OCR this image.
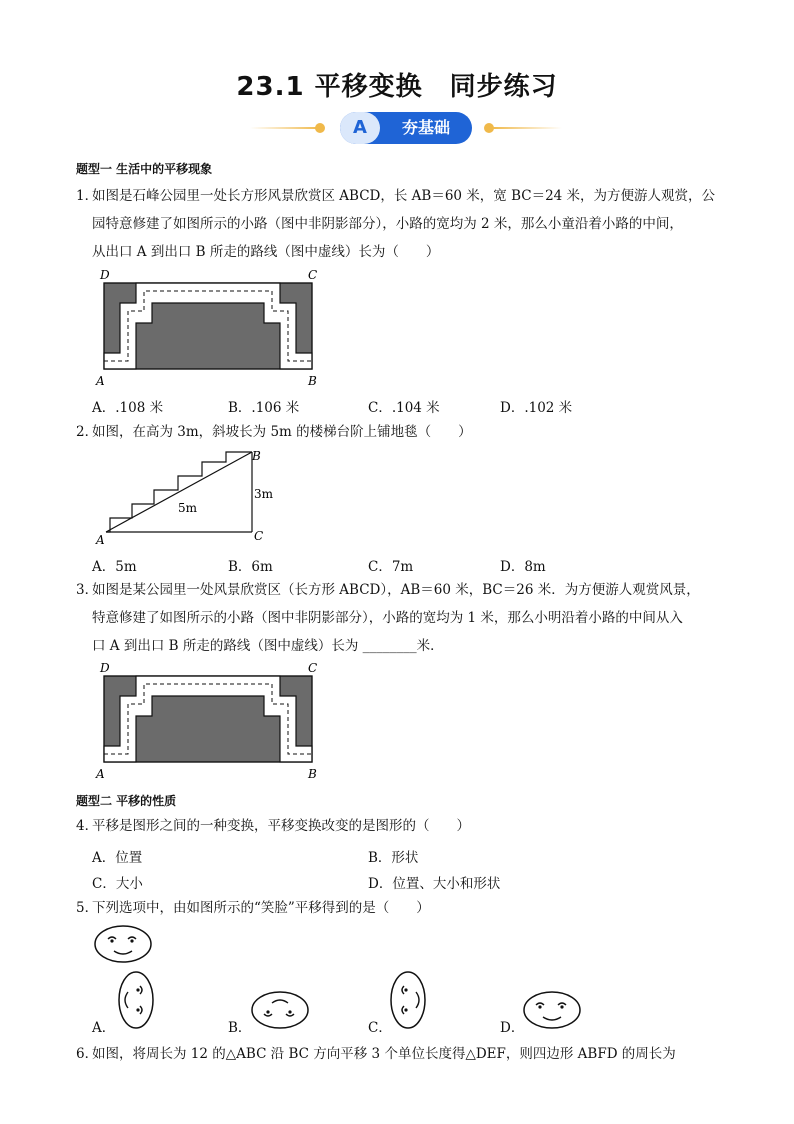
23.1 平移变换　同步练习
A	夯基础
题型一 生活中的平移现象
1．
如图是石峰公园里一处长方形风景欣赏区 ABCD，长 AB＝60 米，宽 BC＝24 米，为方便游人观赏，公
园特意修建了如图所示的小路（图中非阴影部分），小路的宽均为 2 米，那么小童沿着小路的中间，
从出口 A 到出口 B 所走的路线（图中虚线）长为（　　）
D	C
A	B
A．.108 米	B．.106 米	C．.104 米	D．.102 米
2．
如图，在高为 3m，斜坡长为 5m 的楼梯台阶上铺地毯（　　）
A
B
C
3m
5m
A．5m	B．6m	C．7m	D．8m
3．
如图是某公园里一处风景欣赏区（长方形 ABCD），AB＝60 米，BC＝26 米．为方便游人观赏风景，
特意修建了如图所示的小路（图中非阴影部分），小路的宽均为 1 米，那么小明沿着小路的中间从入
口 A 到出口 B 所走的路线（图中虚线）长为 ________米．
D	C
A	B
题型二 平移的性质
4．
平移是图形之间的一种变换，平移变换改变的是图形的（　　）
A．位置	B．形状
C．大小	D．位置、大小和形状
5．
下列选项中，由如图所示的“笑脸”平移得到的是（　　）
A．	B．	C．	D．
6．
如图，将周长为 12 的△ABC 沿 BC 方向平移 3 个单位长度得△DEF，则四边形 ABFD 的周长为
